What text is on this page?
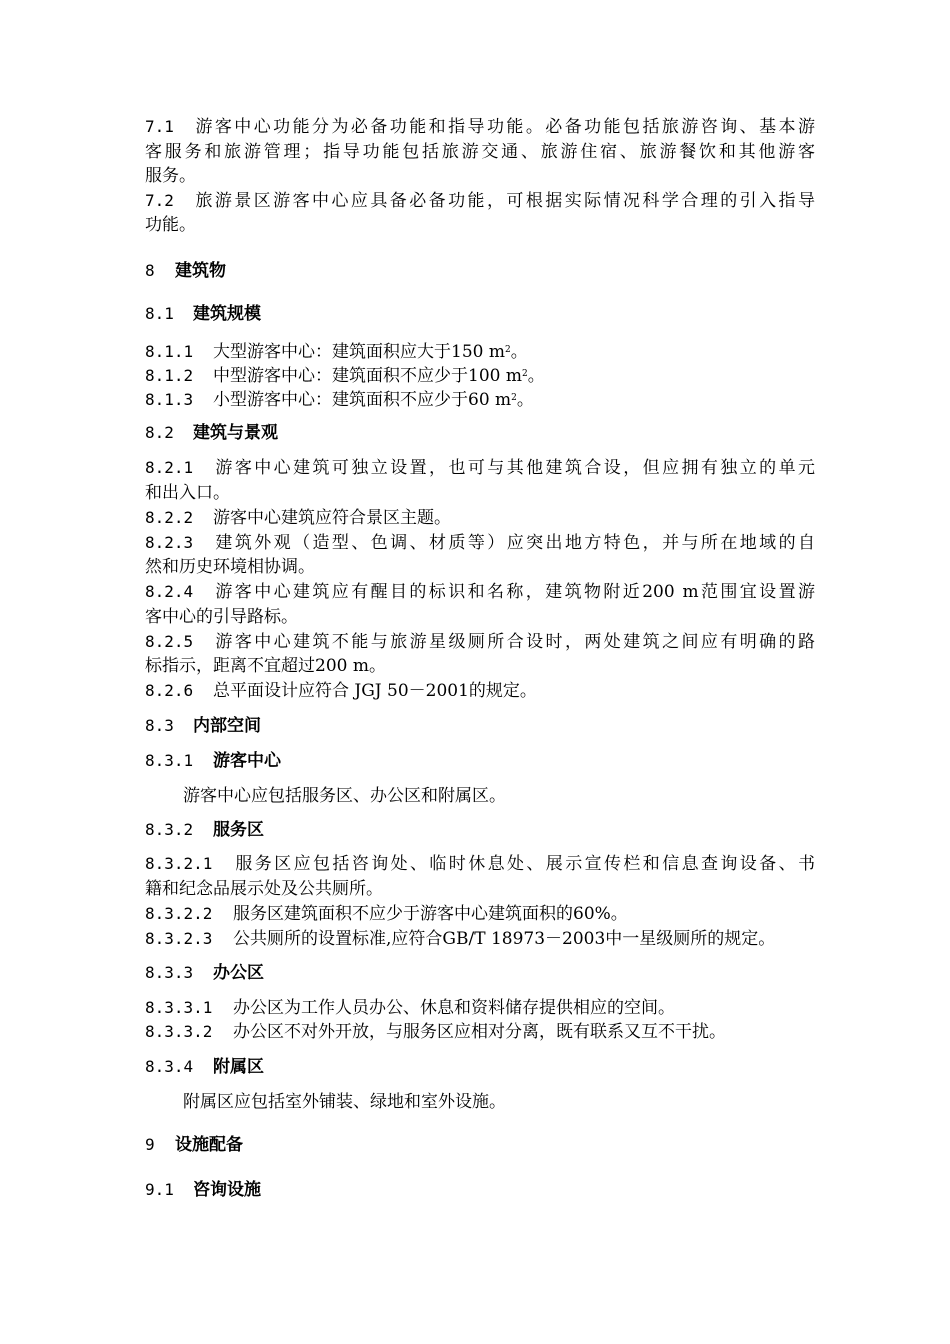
7.1 游客中心功能分为必备功能和指导功能。必备功能包括旅游咨询、基本游
客服务和旅游管理；指导功能包括旅游交通、旅游住宿、旅游餐饮和其他游客
服务。
7.2 旅游景区游客中心应具备必备功能，可根据实际情况科学合理的引入指导
功能。
8 建筑物
8.1 建筑规模
8.1.1 大型游客中心：建筑面积应大于150 $m^2$。
8.1.2 中型游客中心：建筑面积不应少于100 $m^2$。
8.1.3 小型游客中心：建筑面积不应少于60 $m^2$。
8.2 建筑与景观
8.2.1 游客中心建筑可独立设置，也可与其他建筑合设，但应拥有独立的单元
和出入口。
8.2.2 游客中心建筑应符合景区主题。
8.2.3 建筑外观（造型、色调、材质等）应突出地方特色，并与所在地域的自
然和历史环境相协调。
8.2.4 游客中心建筑应有醒目的标识和名称，建筑物附近200 m范围宜设置游
客中心的引导路标。
8.2.5 游客中心建筑不能与旅游星级厕所合设时，两处建筑之间应有明确的路
标指示，距离不宜超过200 m。
8.2.6 总平面设计应符合 JGJ 50－2001的规定。
8.3 内部空间
8.3.1 游客中心
游客中心应包括服务区、办公区和附属区。
8.3.2 服务区
8.3.2.1 服务区应包括咨询处、临时休息处、展示宣传栏和信息查询设备、书
籍和纪念品展示处及公共厕所。
8.3.2.2 服务区建筑面积不应少于游客中心建筑面积的60%。
8.3.2.3 公共厕所的设置标准,应符合GB/T 18973－2003中一星级厕所的规定。
8.3.3 办公区
8.3.3.1 办公区为工作人员办公、休息和资料储存提供相应的空间。
8.3.3.2 办公区不对外开放，与服务区应相对分离，既有联系又互不干扰。
8.3.4 附属区
附属区应包括室外铺装、绿地和室外设施。
9 设施配备
9.1 咨询设施
